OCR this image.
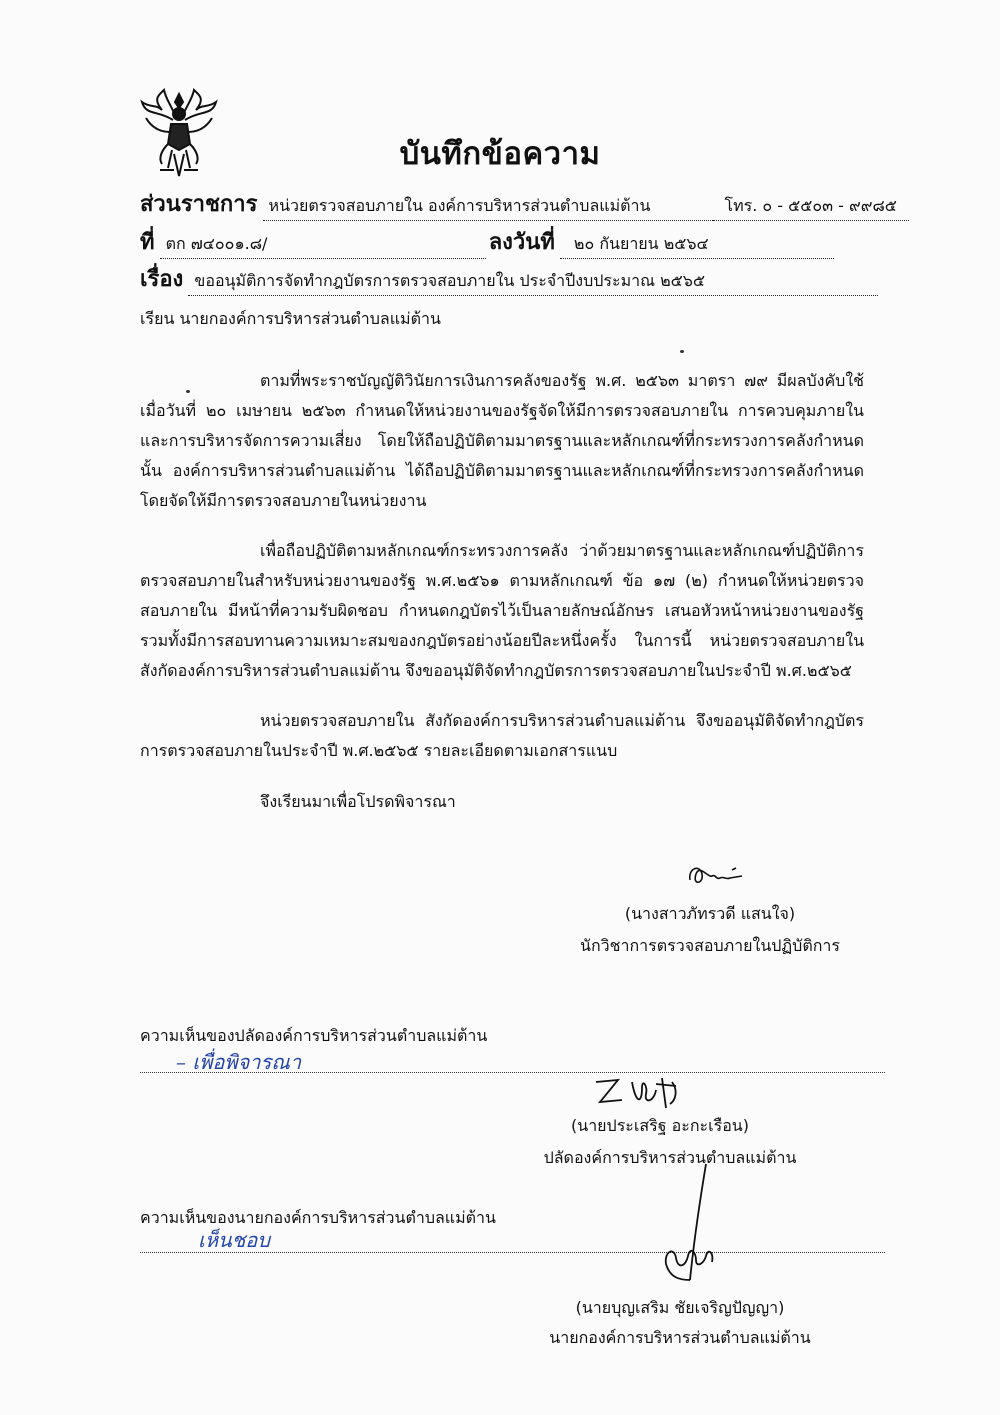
บันทึกข้อความ
ส่วนราชการ หน่วยตรวจสอบภายใน องค์การบริหารส่วนตำบลแม่ต้าน	โทร. ๐ - ๕๕๐๓ - ๙๙๘๕
ที่ ตก ๗๔๐๐๑.๘/	ลงวันที่ ๒๐ กันยายน ๒๕๖๔
เรื่อง ขออนุมัติการจัดทำกฎบัตรการตรวจสอบภายใน ประจำปีงบประมาณ ๒๕๖๕
เรียน นายกองค์การบริหารส่วนตำบลแม่ต้าน
ตามที่พระราชบัญญัติวินัยการเงินการคลังของรัฐ พ.ศ. ๒๕๖๓ มาตรา ๗๙ มีผลบังคับใช้ เมื่อวันที่ ๒๐ เมษายน ๒๕๖๓ กำหนดให้หน่วยงานของรัฐจัดให้มีการตรวจสอบภายใน การควบคุมภายในและการบริหารจัดการความเสี่ยง โดยให้ถือปฏิบัติตามมาตรฐานและหลักเกณฑ์ที่กระทรวงการคลังกำหนดนั้น องค์การบริหารส่วนตำบลแม่ต้าน ได้ถือปฏิบัติตามมาตรฐานและหลักเกณฑ์ที่กระทรวงการคลังกำหนด โดยจัดให้มีการตรวจสอบภายในหน่วยงาน
เพื่อถือปฏิบัติตามหลักเกณฑ์กระทรวงการคลัง ว่าด้วยมาตรฐานและหลักเกณฑ์ปฏิบัติการตรวจสอบภายในสำหรับหน่วยงานของรัฐ พ.ศ.๒๕๖๑ ตามหลักเกณฑ์ ข้อ ๑๗ (๒) กำหนดให้หน่วยตรวจสอบภายใน มีหน้าที่ความรับผิดชอบ กำหนดกฎบัตรไว้เป็นลายลักษณ์อักษร เสนอหัวหน้าหน่วยงานของรัฐ รวมทั้งมีการสอบทานความเหมาะสมของกฎบัตรอย่างน้อยปีละหนึ่งครั้ง ในการนี้ หน่วยตรวจสอบภายใน สังกัดองค์การบริหารส่วนตำบลแม่ต้าน จึงขออนุมัติจัดทำกฎบัตรการตรวจสอบภายในประจำปี พ.ศ.๒๕๖๕
หน่วยตรวจสอบภายใน สังกัดองค์การบริหารส่วนตำบลแม่ต้าน จึงขออนุมัติจัดทำกฎบัตรการตรวจสอบภายในประจำปี พ.ศ.๒๕๖๕ รายละเอียดตามเอกสารแนบ
จึงเรียนมาเพื่อโปรดพิจารณา
(นางสาวภัทรวดี แสนใจ)
นักวิชาการตรวจสอบภายในปฏิบัติการ
ความเห็นของปลัดองค์การบริหารส่วนตำบลแม่ต้าน
– เพื่อพิจารณา
(นายประเสริฐ อะกะเรือน)
ปลัดองค์การบริหารส่วนตำบลแม่ต้าน
ความเห็นของนายกองค์การบริหารส่วนตำบลแม่ต้าน
เห็นชอบ
(นายบุญเสริม ชัยเจริญปัญญา)
นายกองค์การบริหารส่วนตำบลแม่ต้าน
